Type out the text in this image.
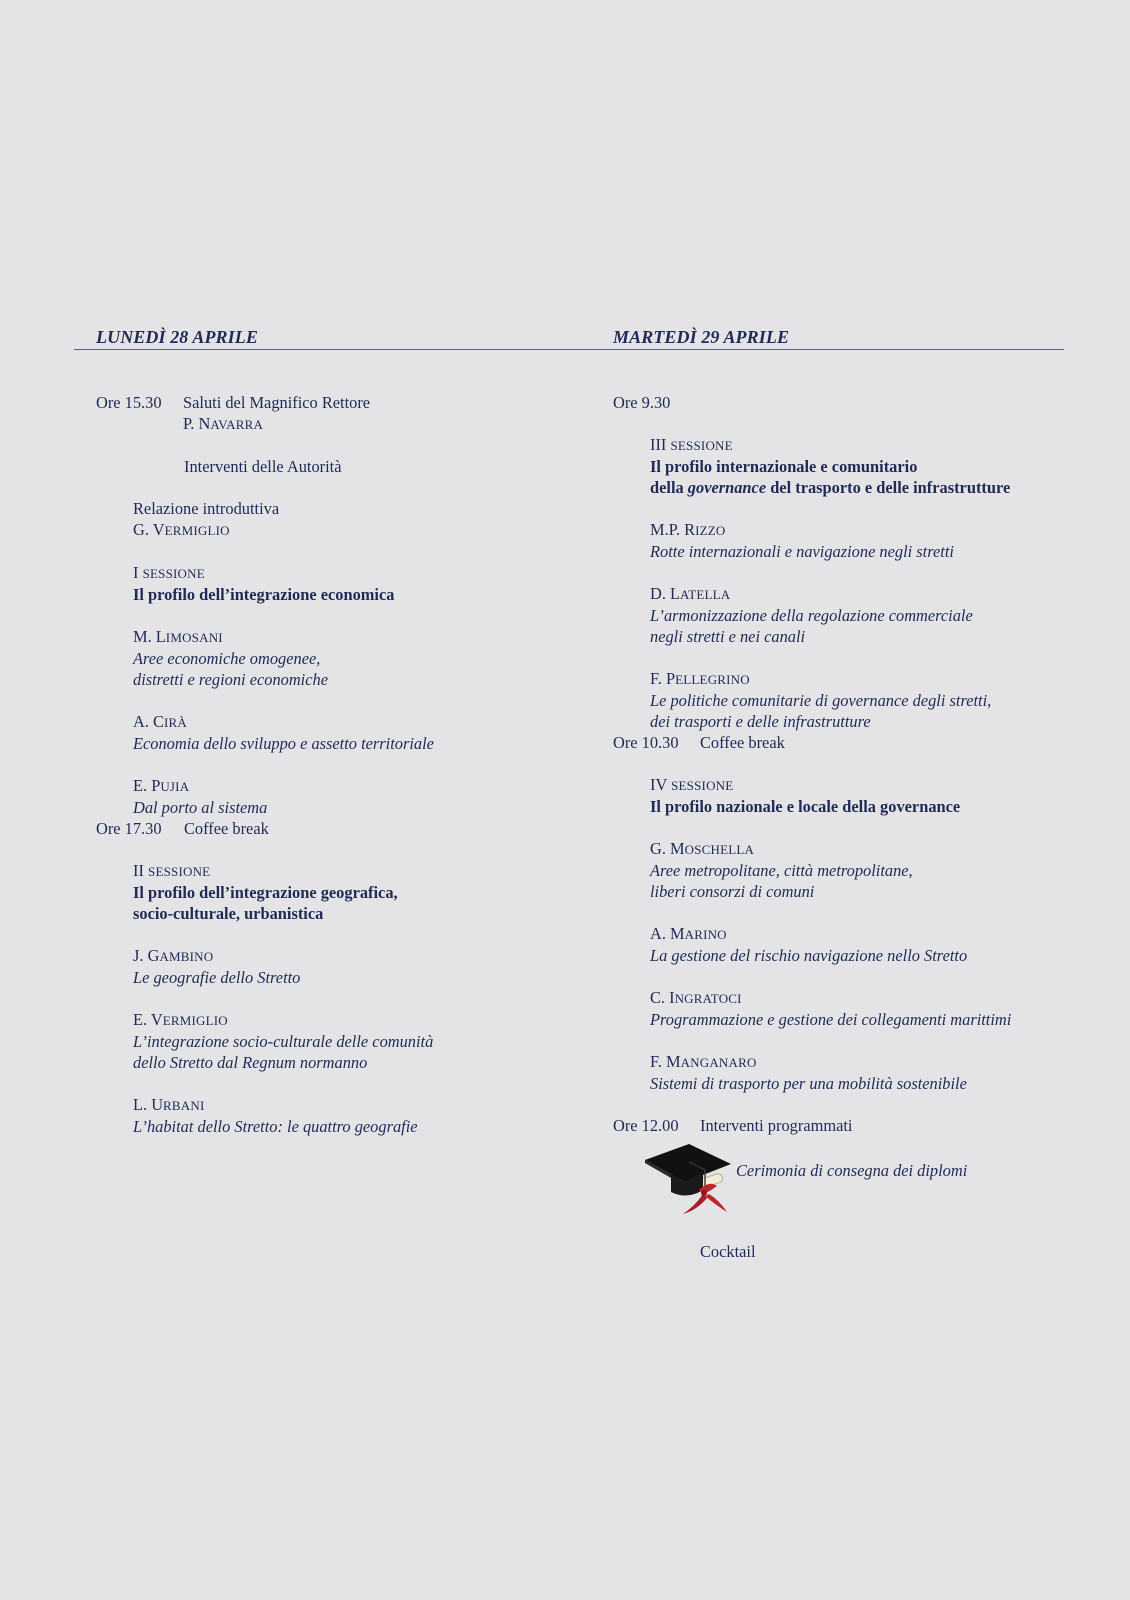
LUNEDÌ 28 APRILE	MARTEDÌ 29 APRILE
Ore 15.30	Saluti del Magnifico Rettore
P. NAVARRA
Interventi delle Autorità
Relazione introduttiva
G. VERMIGLIO
I SESSIONE
Il profilo dell’integrazione economica
M. LIMOSANI
Aree economiche omogenee,
distretti e regioni economiche
A. CIRÀ
Economia dello sviluppo e assetto territoriale
E. PUJIA
Dal porto al sistema
Ore 17.30	Coffee break
II SESSIONE
Il profilo dell’integrazione geografica,
socio-culturale, urbanistica
J. GAMBINO
Le geografie dello Stretto
E. VERMIGLIO
L’integrazione socio-culturale delle comunità
dello Stretto dal Regnum normanno
L. URBANI
L’habitat dello Stretto: le quattro geografie
Ore 9.30
III SESSIONE
Il profilo internazionale e comunitario
della governance del trasporto e delle infrastrutture
M.P. RIZZO
Rotte internazionali e navigazione negli stretti
D. LATELLA
L’armonizzazione della regolazione commerciale
negli stretti e nei canali
F. PELLEGRINO
Le politiche comunitarie di governance degli stretti,
dei trasporti e delle infrastrutture
Ore 10.30	Coffee break
IV SESSIONE
Il profilo nazionale e locale della governance
G. MOSCHELLA
Aree metropolitane, città metropolitane,
liberi consorzi di comuni
A. MARINO
La gestione del rischio navigazione nello Stretto
C. INGRATOCI
Programmazione e gestione dei collegamenti marittimi
F. MANGANARO
Sistemi di trasporto per una mobilità sostenibile
Ore 12.00	Interventi programmati
Cerimonia di consegna dei diplomi
Cocktail
